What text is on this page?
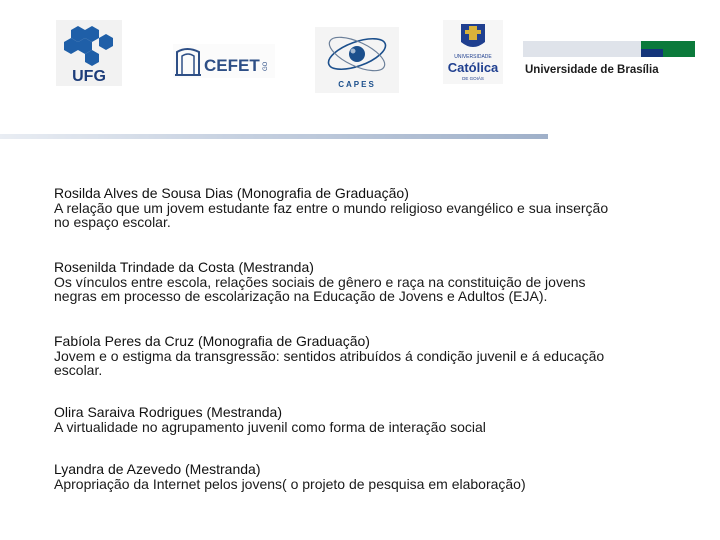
UFG
CEFET GO
CAPES
UNIVERSIDADE
Católica
DE GOIÁS
Universidade de Brasília
Rosilda Alves de Sousa Dias (Monografia de Graduação)
A relação que um jovem estudante faz entre o mundo religioso evangélico e sua inserção
no espaço escolar.
Rosenilda Trindade da Costa (Mestranda)
Os vínculos entre escola, relações sociais de gênero e raça na constituição de jovens
negras em processo de escolarização na Educação de Jovens e Adultos (EJA).
Fabíola Peres da Cruz (Monografia de Graduação)
Jovem e o estigma da transgressão: sentidos atribuídos á condição juvenil e á educação
escolar.
Olira Saraiva Rodrigues (Mestranda)
A virtualidade no agrupamento juvenil como forma de interação social
Lyandra de Azevedo (Mestranda)
Apropriação da Internet pelos jovens( o projeto de pesquisa em elaboração)
